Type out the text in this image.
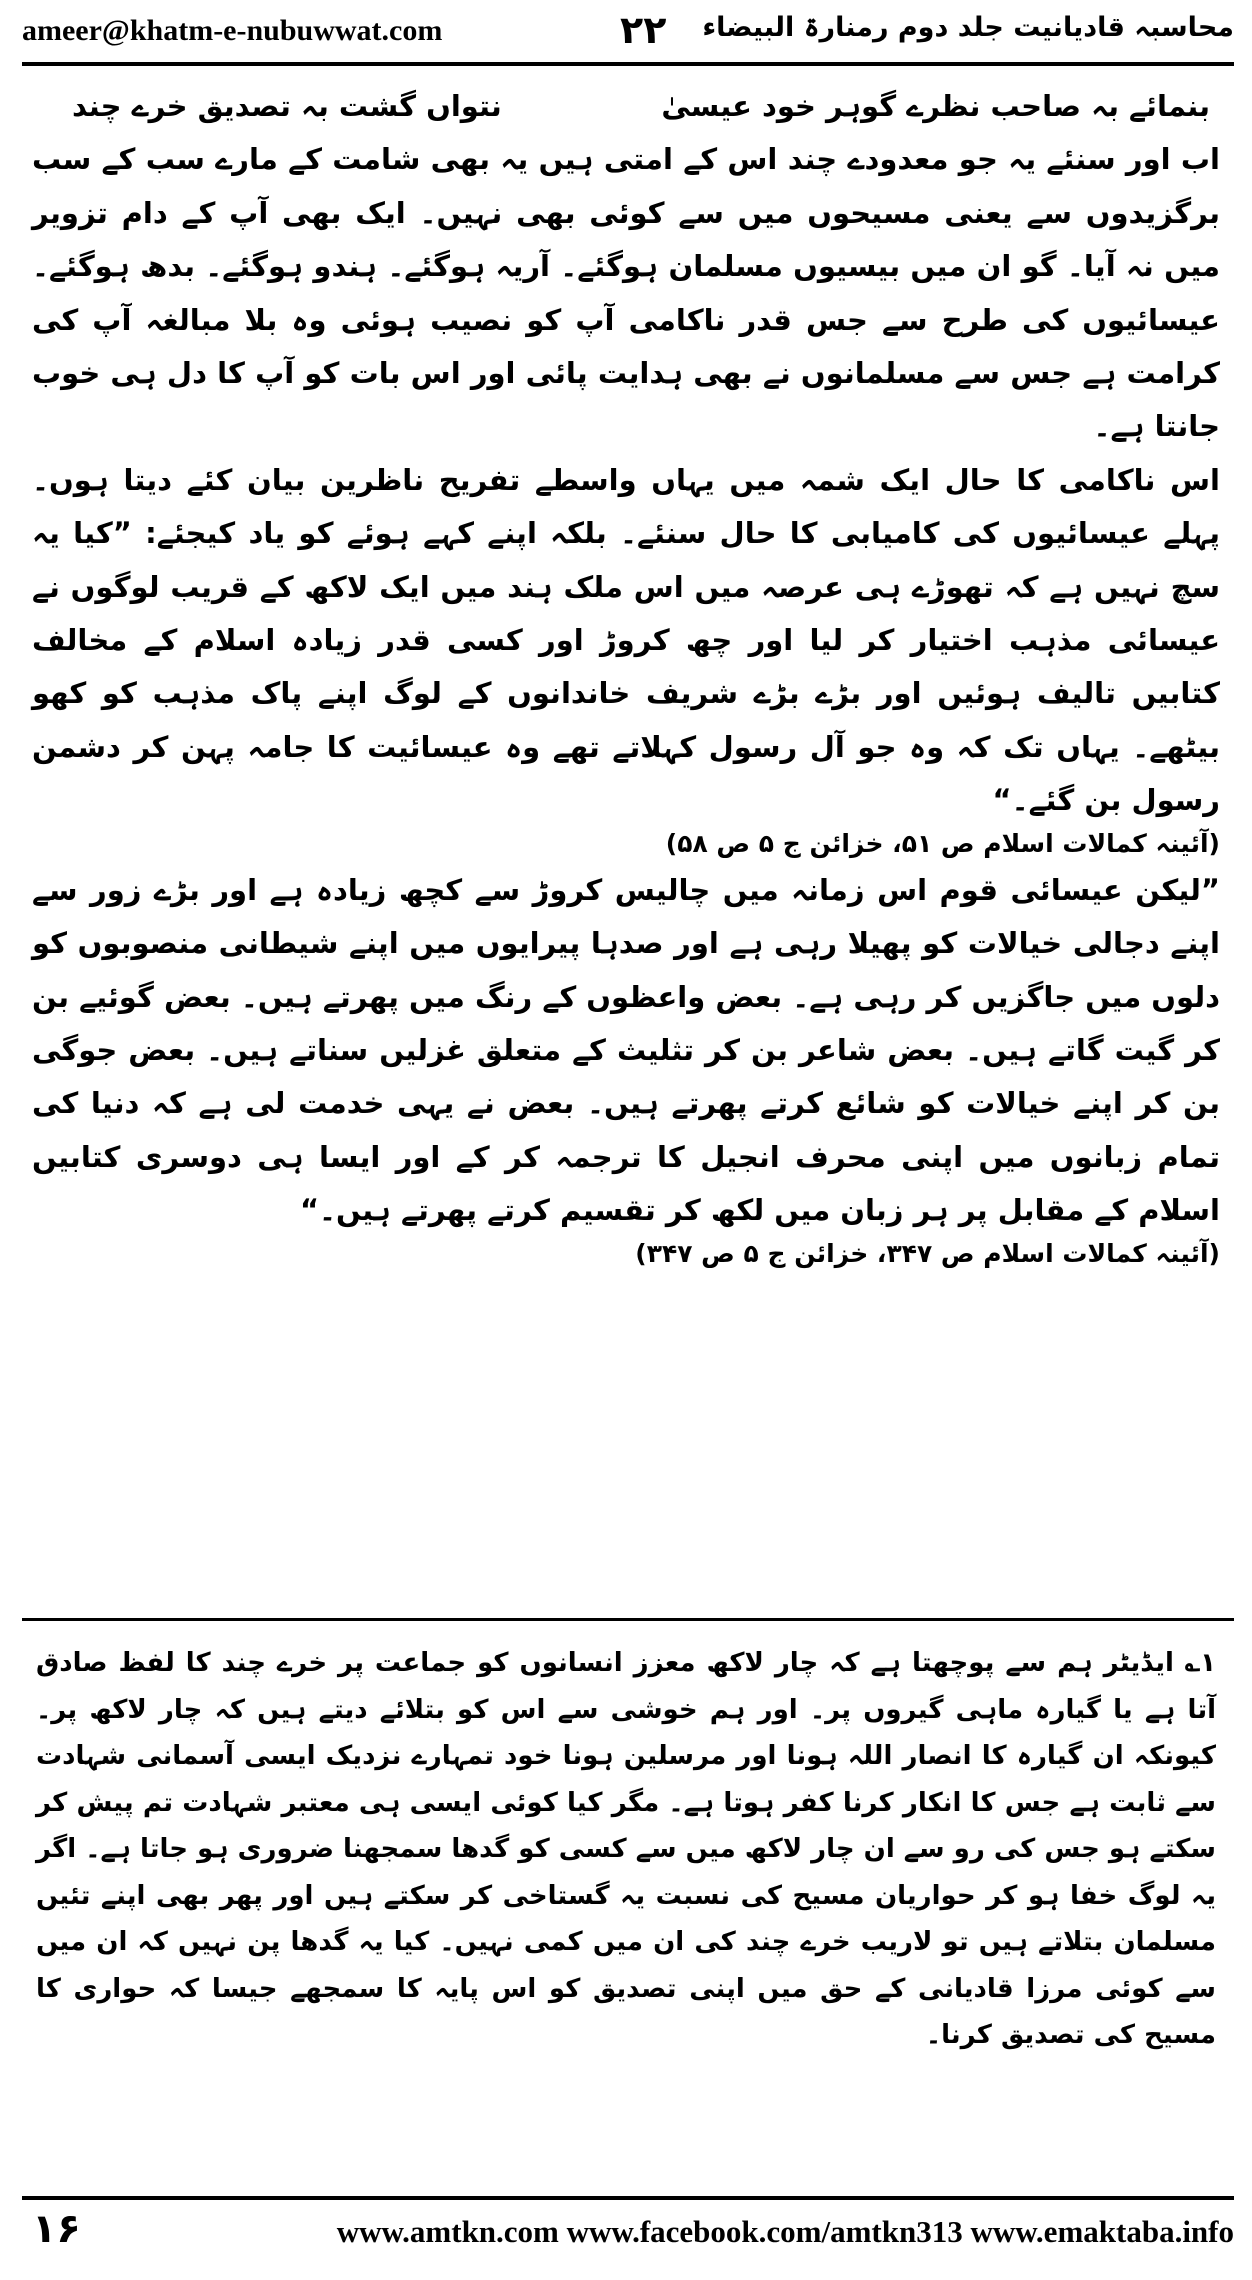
ameer@khatm-e-nubuwwat.com	۲۲ محاسبہ قادیانیت جلد دوم رمنارۃ البیضاء
بنمائے بہ صاحب نظرے گوہر خود عیسیٰ
نتواں گشت بہ تصدیق خرے چند

اب اور سنئے یہ جو معدودے چند اس کے امتی ہیں یہ بھی شامت کے مارے سب کے سب برگزیدوں سے یعنی مسیحوں میں سے کوئی بھی نہیں۔ ایک بھی آپ کے دام تزویر میں نہ آیا۔ گو ان میں بیسیوں مسلمان ہوگئے۔ آریہ ہوگئے۔ ہندو ہوگئے۔ بدھ ہوگئے۔ عیسائیوں کی طرح سے جس قدر ناکامی آپ کو نصیب ہوئی وہ بلا مبالغہ آپ کی کرامت ہے جس سے مسلمانوں نے بھی ہدایت پائی اور اس بات کو آپ کا دل ہی خوب جانتا ہے۔

اس ناکامی کا حال ایک شمہ میں یہاں واسطے تفریح ناظرین بیان کئے دیتا ہوں۔ پہلے عیسائیوں کی کامیابی کا حال سنئے۔ بلکہ اپنے کہے ہوئے کو یاد کیجئے: ”کیا یہ سچ نہیں ہے کہ تھوڑے ہی عرصہ میں اس ملک ہند میں ایک لاکھ کے قریب لوگوں نے عیسائی مذہب اختیار کر لیا اور چھ کروڑ اور کسی قدر زیادہ اسلام کے مخالف کتابیں تالیف ہوئیں اور بڑے بڑے شریف خاندانوں کے لوگ اپنے پاک مذہب کو کھو بیٹھے۔ یہاں تک کہ وہ جو آل رسول کہلاتے تھے وہ عیسائیت کا جامہ پہن کر دشمن رسول بن گئے۔“

(آئینہ کمالات اسلام ص ۵۱، خزائن ج ۵ ص ۵۸)

”لیکن عیسائی قوم اس زمانہ میں چالیس کروڑ سے کچھ زیادہ ہے اور بڑے زور سے اپنے دجالی خیالات کو پھیلا رہی ہے اور صدہا پیرایوں میں اپنے شیطانی منصوبوں کو دلوں میں جاگزیں کر رہی ہے۔ بعض واعظوں کے رنگ میں پھرتے ہیں۔ بعض گوئیے بن کر گیت گاتے ہیں۔ بعض شاعر بن کر تثلیث کے متعلق غزلیں سناتے ہیں۔ بعض جوگی بن کر اپنے خیالات کو شائع کرتے پھرتے ہیں۔ بعض نے یہی خدمت لی ہے کہ دنیا کی تمام زبانوں میں اپنی محرف انجیل کا ترجمہ کر کے اور ایسا ہی دوسری کتابیں اسلام کے مقابل پر ہر زبان میں لکھ کر تقسیم کرتے پھرتے ہیں۔“

(آئینہ کمالات اسلام ص ۳۴۷، خزائن ج ۵ ص ۳۴۷)
۱؎ ایڈیٹر ہم سے پوچھتا ہے کہ چار لاکھ معزز انسانوں کو جماعت پر خرے چند کا لفظ صادق آتا ہے یا گیارہ ماہی گیروں پر۔ اور ہم خوشی سے اس کو بتلائے دیتے ہیں کہ چار لاکھ پر۔ کیونکہ ان گیارہ کا انصار اللہ ہونا اور مرسلین ہونا خود تمہارے نزدیک ایسی آسمانی شہادت سے ثابت ہے جس کا انکار کرنا کفر ہوتا ہے۔ مگر کیا کوئی ایسی ہی معتبر شہادت تم پیش کر سکتے ہو جس کی رو سے ان چار لاکھ میں سے کسی کو گدھا سمجھنا ضروری ہو جاتا ہے۔ اگر یہ لوگ خفا ہو کر حواریان مسیح کی نسبت یہ گستاخی کر سکتے ہیں اور پھر بھی اپنے تئیں مسلمان بتلاتے ہیں تو لاریب خرے چند کی ان میں کمی نہیں۔ کیا یہ گدھا پن نہیں کہ ان میں سے کوئی مرزا قادیانی کے حق میں اپنی تصدیق کو اس پایہ کا سمجھے جیسا کہ حواری کا مسیح کی تصدیق کرنا۔
۱۶	www.amtkn.com www.facebook.com/amtkn313 www.emaktaba.info
